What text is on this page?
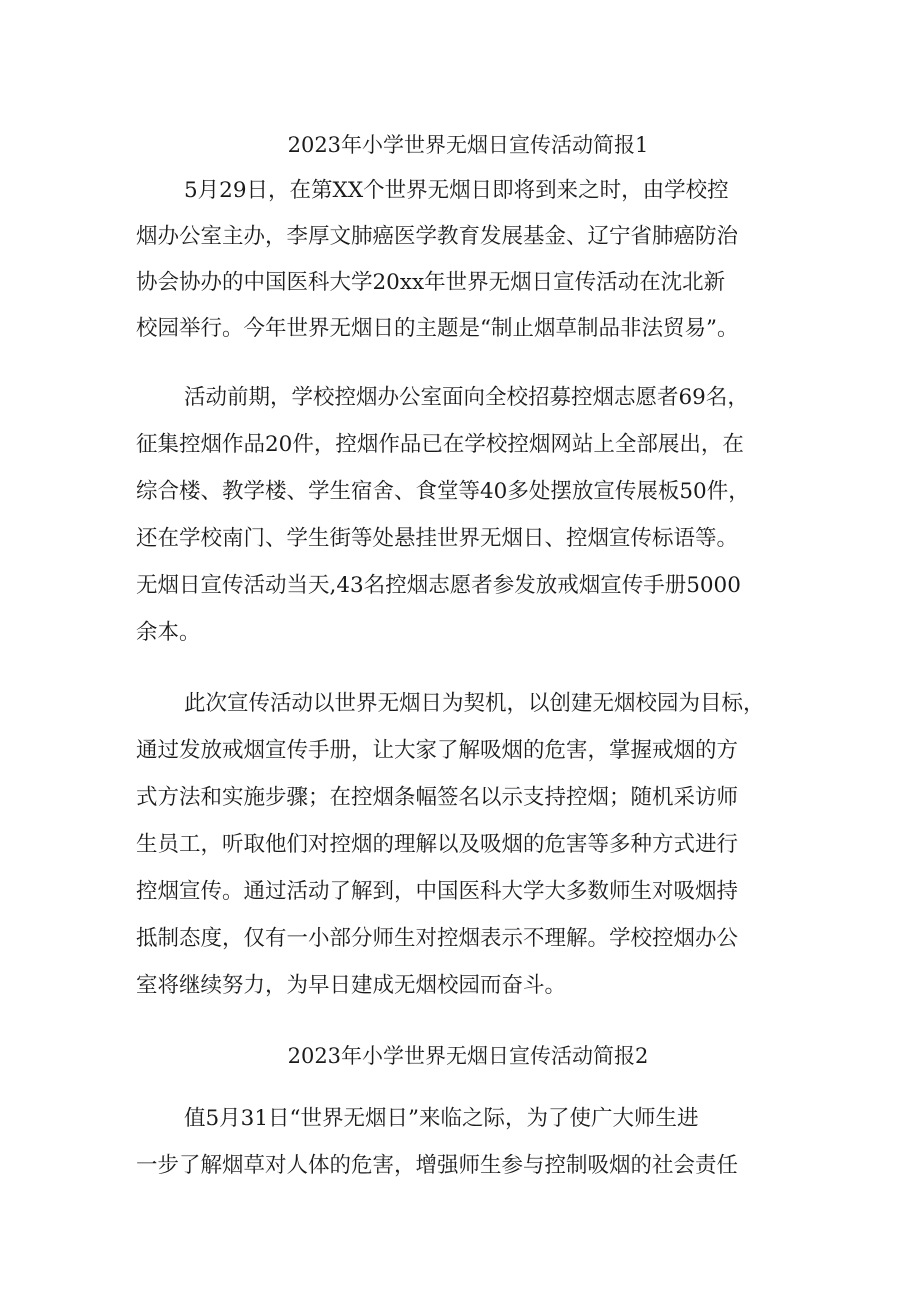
2023年小学世界无烟日宣传活动简报1
5月29日，在第XX个世界无烟日即将到来之时，由学校控
烟办公室主办，李厚文肺癌医学教育发展基金、辽宁省肺癌防治
协会协办的中国医科大学20xx年世界无烟日宣传活动在沈北新
校园举行。今年世界无烟日的主题是“制止烟草制品非法贸易”。
活动前期，学校控烟办公室面向全校招募控烟志愿者69名，
征集控烟作品20件，控烟作品已在学校控烟网站上全部展出，在
综合楼、教学楼、学生宿舍、食堂等40多处摆放宣传展板50件，
还在学校南门、学生街等处悬挂世界无烟日、控烟宣传标语等。
无烟日宣传活动当天,43名控烟志愿者参发放戒烟宣传手册5000
余本。
此次宣传活动以世界无烟日为契机，以创建无烟校园为目标，
通过发放戒烟宣传手册，让大家了解吸烟的危害，掌握戒烟的方
式方法和实施步骤；在控烟条幅签名以示支持控烟；随机采访师
生员工，听取他们对控烟的理解以及吸烟的危害等多种方式进行
控烟宣传。通过活动了解到，中国医科大学大多数师生对吸烟持
抵制态度，仅有一小部分师生对控烟表示不理解。学校控烟办公
室将继续努力，为早日建成无烟校园而奋斗。
2023年小学世界无烟日宣传活动简报2
值5月31日“世界无烟日”来临之际，为了使广大师生进
一步了解烟草对人体的危害，增强师生参与控制吸烟的社会责任
